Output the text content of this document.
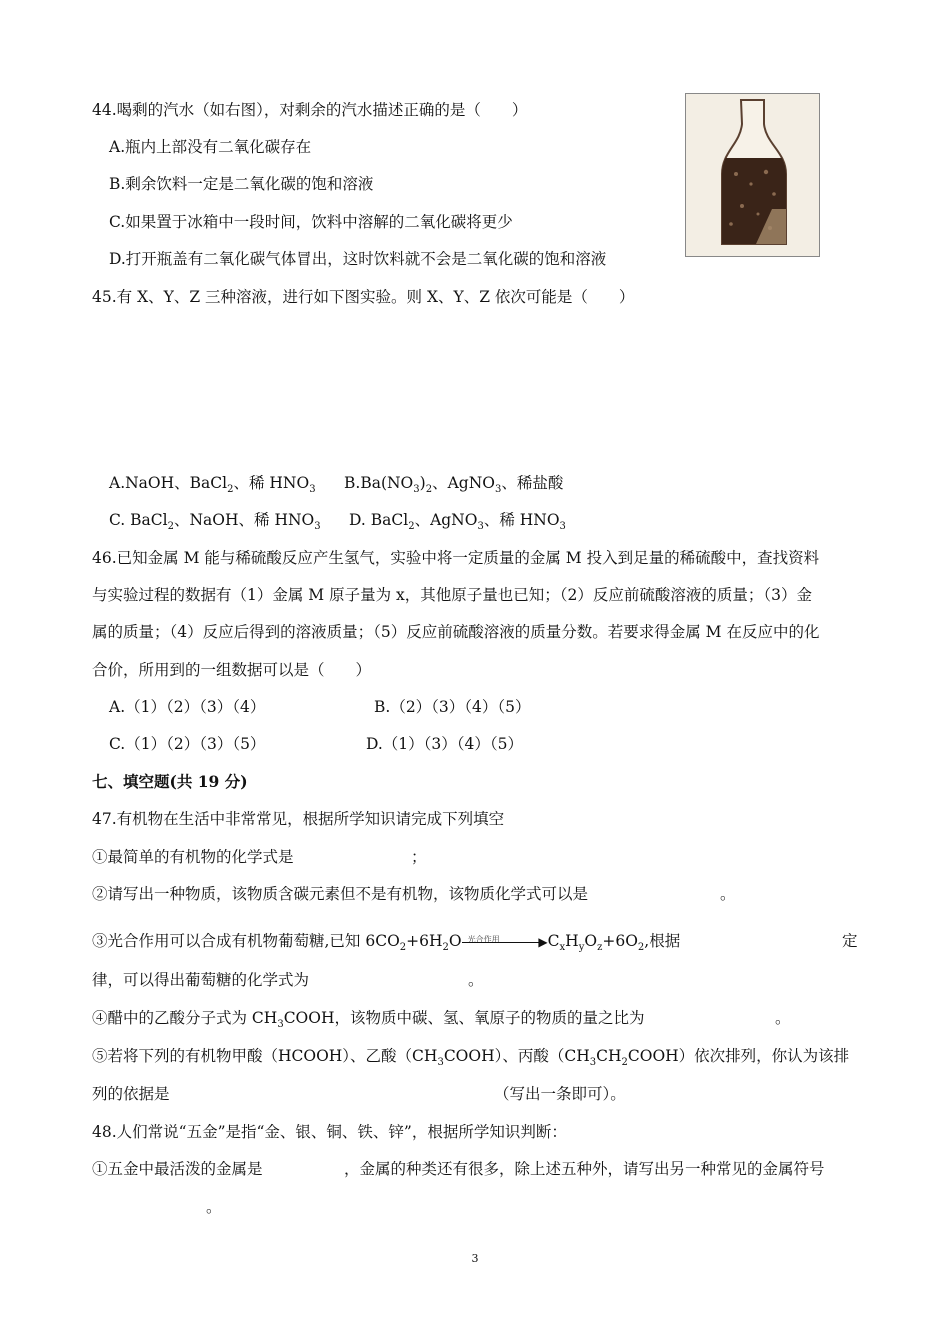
44.喝剩的汽水（如右图），对剩余的汽水描述正确的是（　　）
A.瓶内上部没有二氧化碳存在
B.剩余饮料一定是二氧化碳的饱和溶液
C.如果置于冰箱中一段时间，饮料中溶解的二氧化碳将更少
D.打开瓶盖有二氧化碳气体冒出，这时饮料就不会是二氧化碳的饱和溶液
45.有 X、Y、Z 三种溶液，进行如下图实验。则 X、Y、Z 依次可能是（　　）
A.NaOH、BaCl$_2$、稀 $HNO_3$ $B.Ba(NO_3)_2$、AgNO$_3$、稀盐酸
C. BaCl$_2$、NaOH、稀 $HNO_3$ D. BaCl$_2$、AgNO$_3$、稀 $HNO_3$
46.已知金属 M 能与稀硫酸反应产生氢气，实验中将一定质量的金属 M 投入到足量的稀硫酸中，查找资料
与实验过程的数据有（1）金属 M 原子量为 x，其他原子量也已知；（2）反应前硫酸溶液的质量；（3）金
属的质量；（4）反应后得到的溶液质量；（5）反应前硫酸溶液的质量分数。若要求得金属 M 在反应中的化
合价，所用到的一组数据可以是（　　）
A.（1）（2）（3）（4）	B.（2）（3）（4）（5）
C.（1）（2）（3）（5）	D.（1）（3）（4）（5）
七、填空题(共 19 分)
47.有机物在生活中非常常见，根据所学知识请完成下列填空
①最简单的有机物的化学式是	；
②请写出一种物质，该物质含碳元素但不是有机物，该物质化学式可以是	。
③光合作用可以合成有机物葡萄糖,已知 $6CO_2+6H_2O$ 光合作用	▶ $C_xH_yO_z+6O_2$,根据	定
律，可以得出葡萄糖的化学式为	。
④醋中的乙酸分子式为 $CH_3COOH$，该物质中碳、氢、氧原子的物质的量之比为	。
⑤若将下列的有机物甲酸（HCOOH）、乙酸$(CH_3COOH)$、丙酸$(CH_3CH_2COOH)$依次排列，你认为该排
列的依据是	（写出一条即可）。
48.人们常说“五金”是指“金、银、铜、铁、锌”，根据所学知识判断：
①五金中最活泼的金属是	，金属的种类还有很多，除上述五种外，请写出另一种常见的金属符号
。
3
